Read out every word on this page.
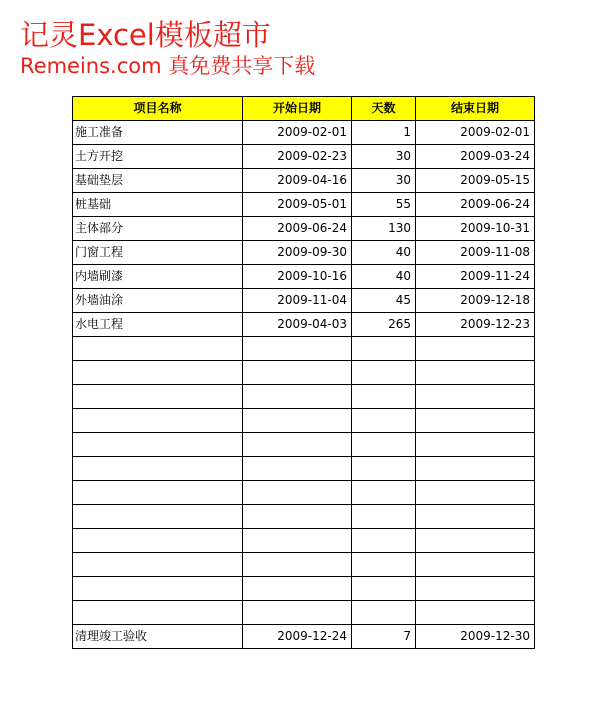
记灵Excel模板超市
Remeins.com 真免费共享下载
项目名称	开始日期	天数	结束日期
施工准备	2009-02-01	1	2009-02-01
土方开挖	2009-02-23	30	2009-03-24
基础垫层	2009-04-16	30	2009-05-15
桩基础	2009-05-01	55	2009-06-24
主体部分	2009-06-24	130	2009-10-31
门窗工程	2009-09-30	40	2009-11-08
内墙刷漆	2009-10-16	40	2009-11-24
外墙油涂	2009-11-04	45	2009-12-18
水电工程	2009-04-03	265	2009-12-23

清理竣工验收	2009-12-24	7	2009-12-30
